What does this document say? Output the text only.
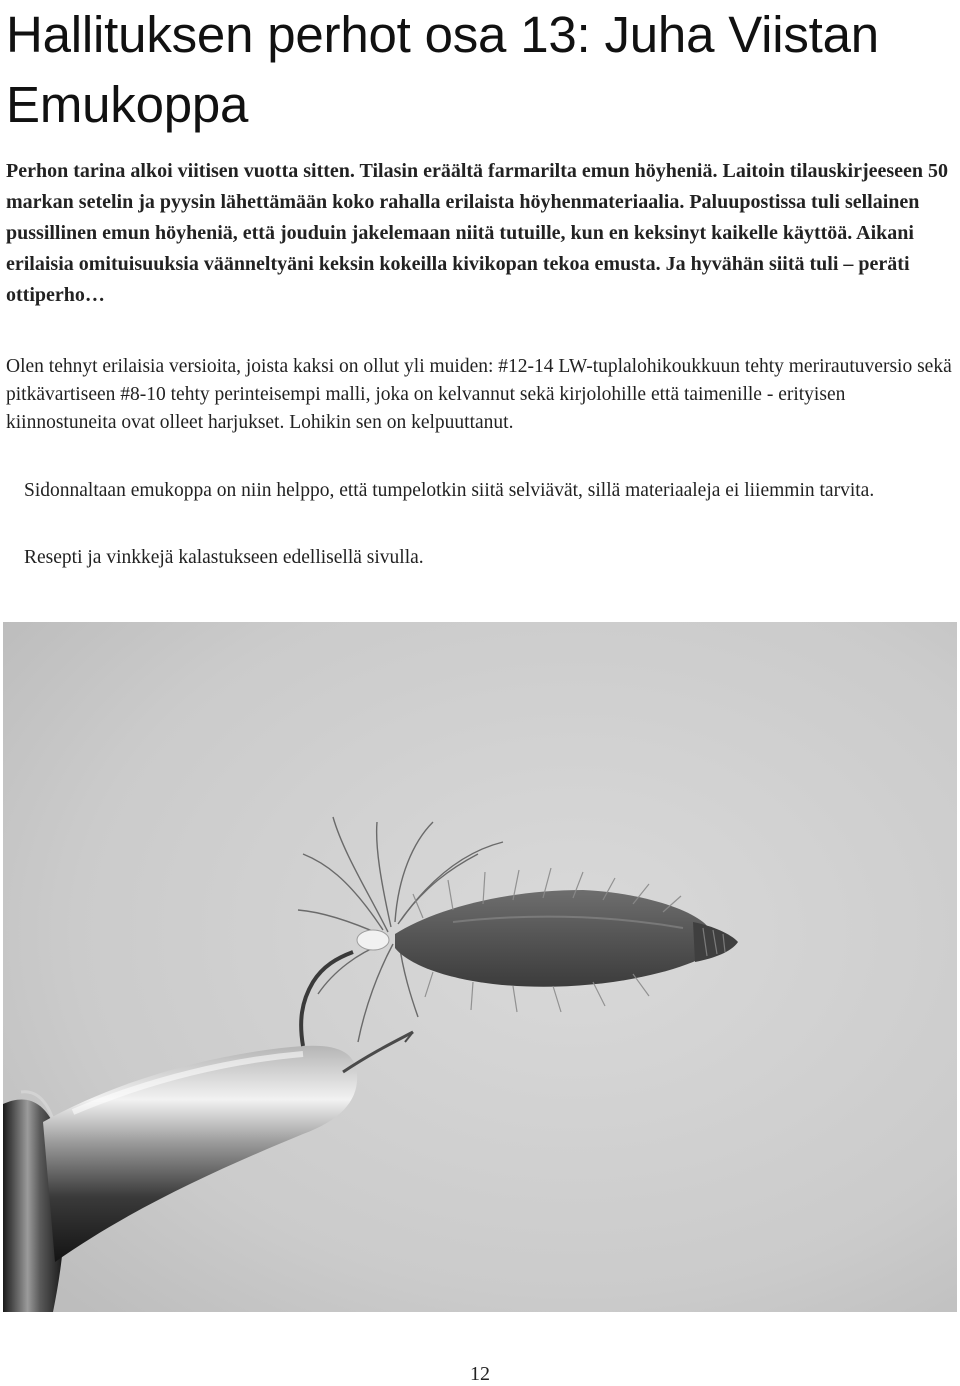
Hallituksen perhot osa 13: Juha Viistan Emukoppa

Perhon tarina alkoi viitisen vuotta sitten. Tilasin eräältä farmarilta emun höyheniä. Laitoin tilauskirjeeseen 50 markan setelin ja pyysin lähettämään koko rahalla erilaista höyhenmateriaalia. Paluupostissa tuli sellainen pussillinen emun höyheniä, että jouduin jakelemaan niitä tutuille, kun en keksinyt kaikelle käyttöä. Aikani erilaisia omituisuuksia väänneltyäni keksin kokeilla kivikopan tekoa emusta. Ja hyvähän siitä tuli – peräti ottiperho…

Olen tehnyt erilaisia versioita, joista kaksi on ollut yli muiden: #12-14 LW-tuplalohikoukkuun tehty merirautuversio sekä pitkävartiseen #8-10 tehty perinteisempi malli, joka on kelvannut sekä kirjolohille että taimenille - erityisen kiinnostuneita ovat olleet harjukset. Lohikin sen on kelpuuttanut.

Sidonnaltaan emukoppa on niin helppo, että tumpelotkin siitä selviävät, sillä materiaaleja ei liiemmin tarvita.

Resepti ja vinkkejä kalastukseen edellisellä sivulla.

12
